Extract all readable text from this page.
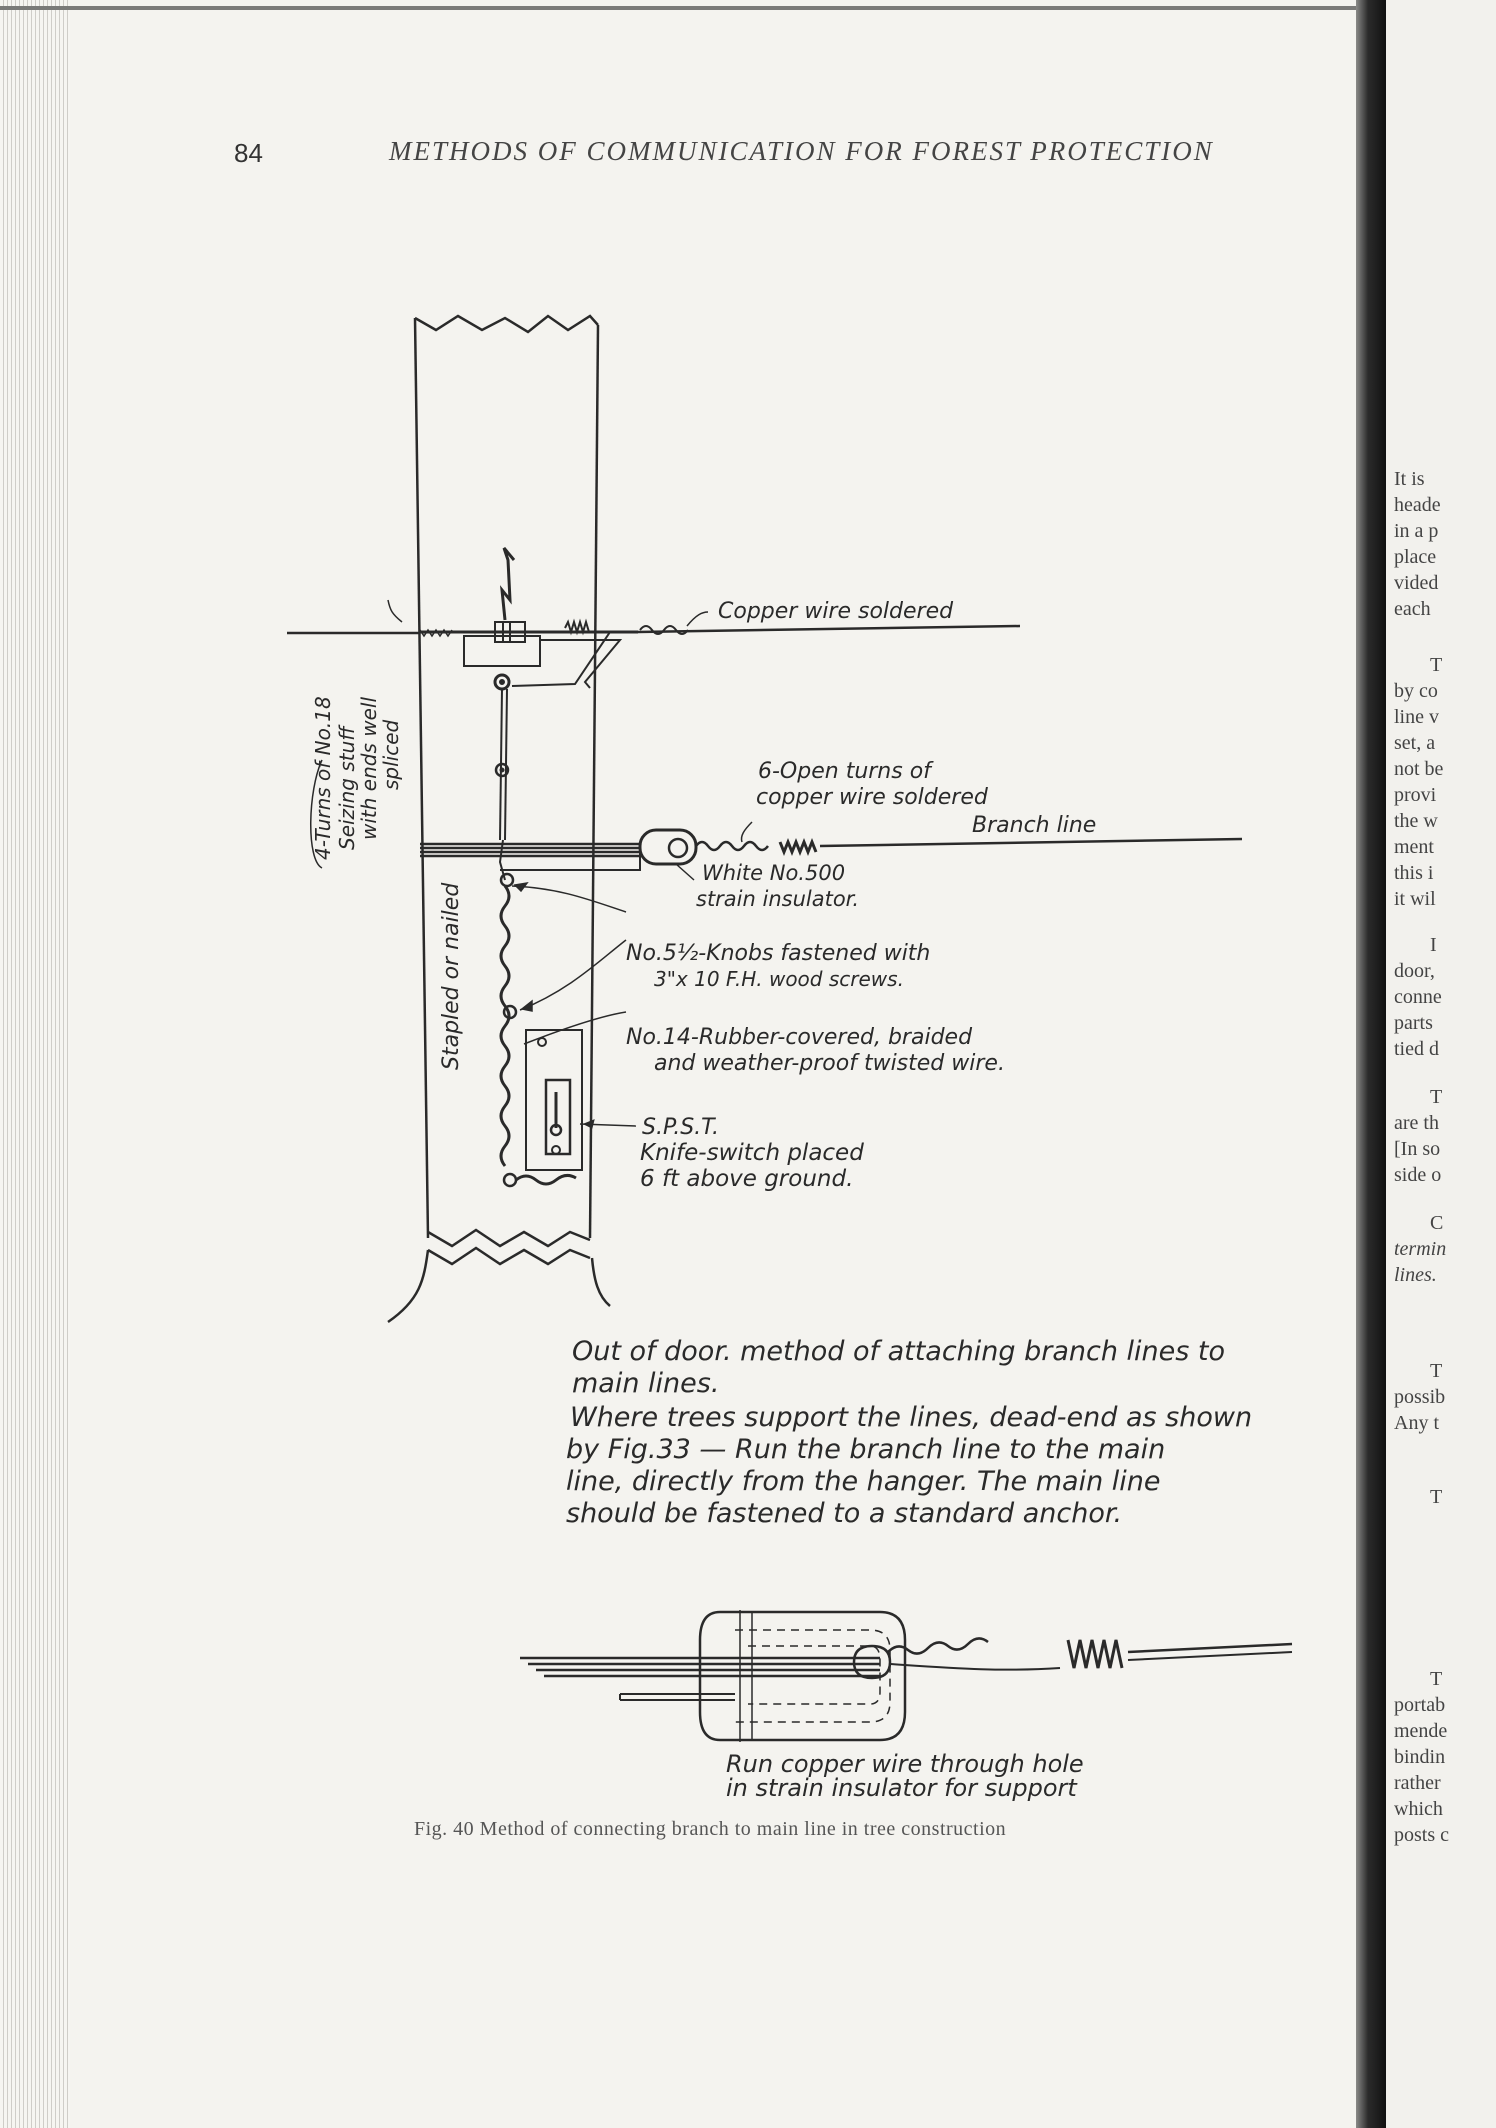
84	METHODS OF COMMUNICATION FOR FOREST PROTECTION
Copper wire soldered
6-Open turns of
copper wire soldered
Branch line
White No.500
strain insulator.
No.5½-Knobs fastened with
3"x 10 F.H. wood screws.
No.14-Rubber-covered, braided
and weather-proof twisted wire.
S.P.S.T.
Knife-switch placed
6 ft above ground.
Stapled or nailed
4-Turns of No.18 Seizing stuff
with ends well
spliced
Out of door. method of attaching branch lines to
main lines.
Where trees support the lines, dead-end as shown
by Fig.33 — Run the branch line to the main
line, directly from the hanger. The main line
should be fastened to a standard anchor.
Run copper wire through hole
in strain insulator for support
Fig. 40 Method of connecting branch to main line in tree construction
It is
heade
in a p
place
vided
each
T
by co
line v
set, a
not be
provi
the w
ment
this i
it wil
I
door,
conne
parts
tied d
T
are th
[In so
side o
C
termin
lines.
T
possib
Any t
T
T
portab
mende
bindin
rather
which
posts c
